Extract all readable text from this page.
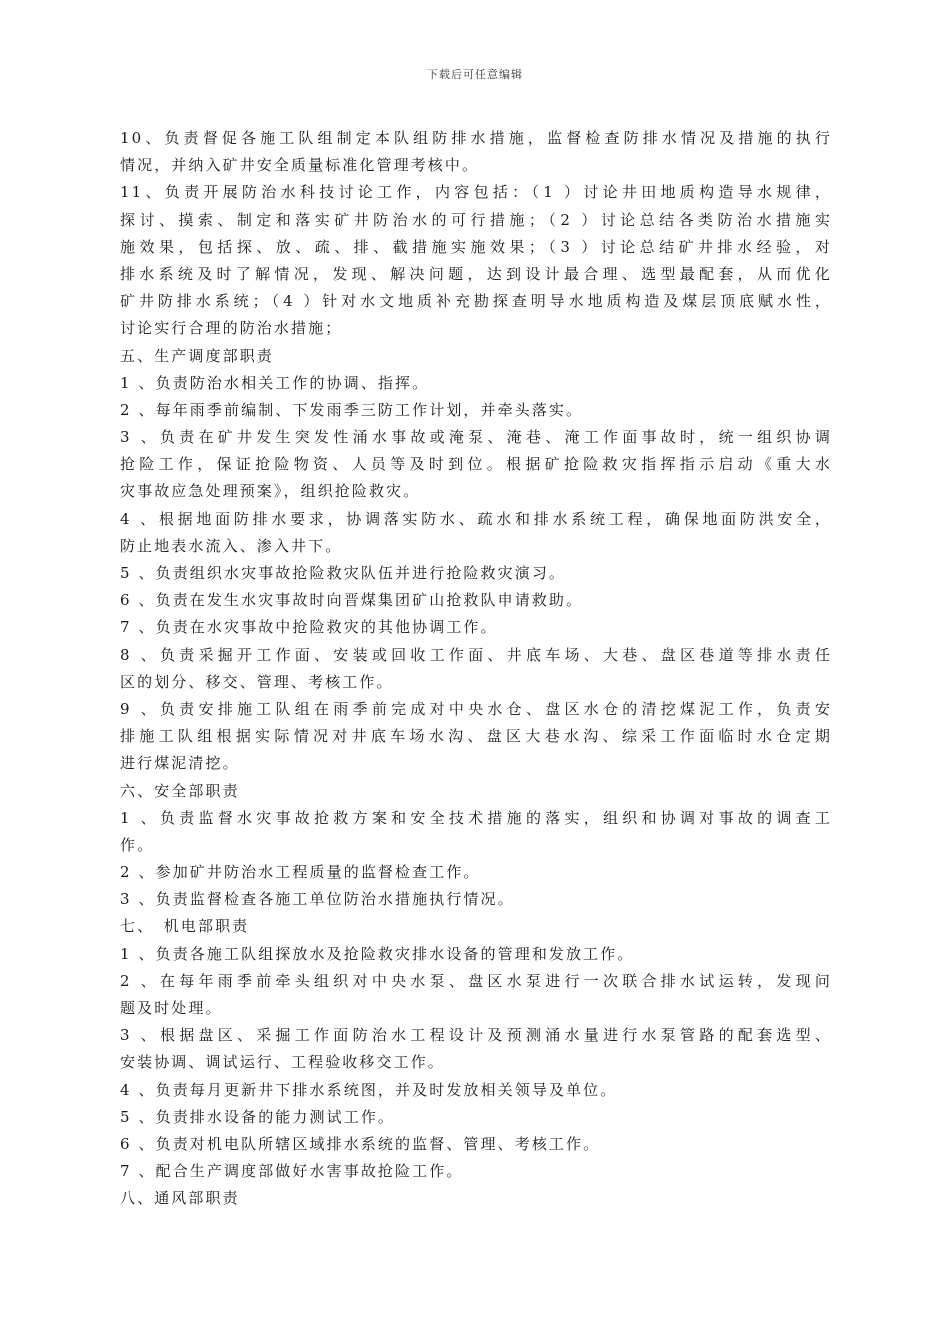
下载后可任意编辑
10、负责督促各施工队组制定本队组防排水措施，监督检查防排水情况及措施的执行
情况，并纳入矿井安全质量标准化管理考核中。
11、负责开展防治水科技讨论工作，内容包括：（1 ）讨论井田地质构造导水规律，
探讨、摸索、制定和落实矿井防治水的可行措施；（2 ）讨论总结各类防治水措施实
施效果，包括探、放、疏、排、截措施实施效果；（3 ）讨论总结矿井排水经验，对
排水系统及时了解情况，发现、解决问题，达到设计最合理、选型最配套，从而优化
矿井防排水系统；（4 ）针对水文地质补充勘探查明导水地质构造及煤层顶底赋水性，
讨论实行合理的防治水措施；
五、生产调度部职责
1 、负责防治水相关工作的协调、指挥。
2 、每年雨季前编制、下发雨季三防工作计划，并牵头落实。
3 、负责在矿井发生突发性涌水事故或淹泵、淹巷、淹工作面事故时，统一组织协调
抢险工作，保证抢险物资、人员等及时到位。根据矿抢险救灾指挥指示启动《重大水
灾事故应急处理预案》，组织抢险救灾。
4 、根据地面防排水要求，协调落实防水、疏水和排水系统工程，确保地面防洪安全，
防止地表水流入、渗入井下。
5 、负责组织水灾事故抢险救灾队伍并进行抢险救灾演习。
6 、负责在发生水灾事故时向晋煤集团矿山抢救队申请救助。
7 、负责在水灾事故中抢险救灾的其他协调工作。
8 、负责采掘开工作面、安装或回收工作面、井底车场、大巷、盘区巷道等排水责任
区的划分、移交、管理、考核工作。
9 、负责安排施工队组在雨季前完成对中央水仓、盘区水仓的清挖煤泥工作，负责安
排施工队组根据实际情况对井底车场水沟、盘区大巷水沟、综采工作面临时水仓定期
进行煤泥清挖。
六、安全部职责
1 、负责监督水灾事故抢救方案和安全技术措施的落实，组织和协调对事故的调查工
作。
2 、参加矿井防治水工程质量的监督检查工作。
3 、负责监督检查各施工单位防治水措施执行情况。
七、　机电部职责
1 、负责各施工队组探放水及抢险救灾排水设备的管理和发放工作。
2 、在每年雨季前牵头组织对中央水泵、盘区水泵进行一次联合排水试运转，发现问
题及时处理。
3 、根据盘区、采掘工作面防治水工程设计及预测涌水量进行水泵管路的配套选型、
安装协调、调试运行、工程验收移交工作。
4 、负责每月更新井下排水系统图，并及时发放相关领导及单位。
5 、负责排水设备的能力测试工作。
6 、负责对机电队所辖区域排水系统的监督、管理、考核工作。
7 、配合生产调度部做好水害事故抢险工作。
八、通风部职责
